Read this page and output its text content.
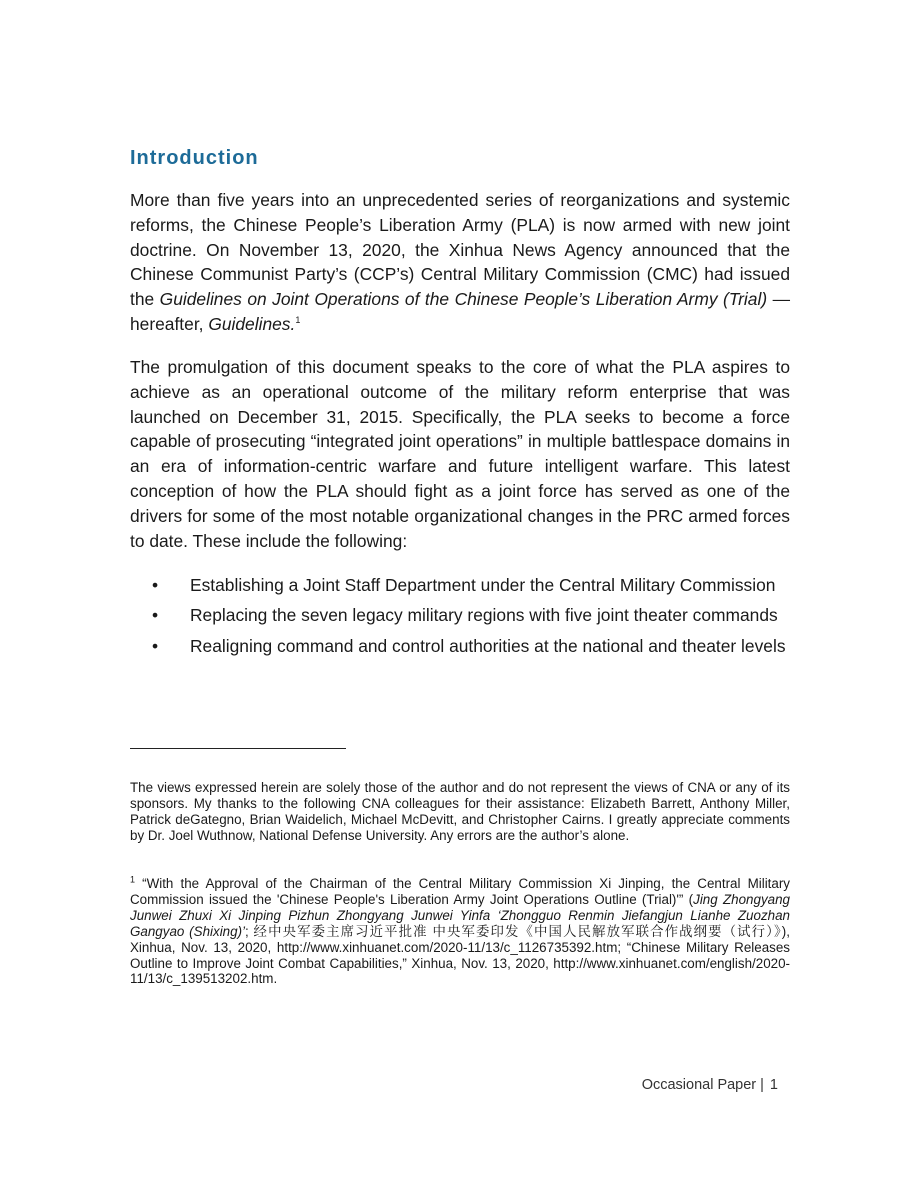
Introduction

More than five years into an unprecedented series of reorganizations and systemic reforms, the Chinese People’s Liberation Army (PLA) is now armed with new joint doctrine. On November 13, 2020, the Xinhua News Agency announced that the Chinese Communist Party’s (CCP’s) Central Military Commission (CMC) had issued the Guidelines on Joint Operations of the Chinese People’s Liberation Army (Trial) — hereafter, Guidelines.$^1$

The promulgation of this document speaks to the core of what the PLA aspires to achieve as an operational outcome of the military reform enterprise that was launched on December 31, 2015. Specifically, the PLA seeks to become a force capable of prosecuting “integrated joint operations” in multiple battlespace domains in an era of information-centric warfare and future intelligent warfare. This latest conception of how the PLA should fight as a joint force has served as one of the drivers for some of the most notable organizational changes in the PRC armed forces to date. These include the following:

• Establishing a Joint Staff Department under the Central Military Commission
• Replacing the seven legacy military regions with five joint theater commands
• Realigning command and control authorities at the national and theater levels

The views expressed herein are solely those of the author and do not represent the views of CNA or any of its sponsors. My thanks to the following CNA colleagues for their assistance: Elizabeth Barrett, Anthony Miller, Patrick deGategno, Brian Waidelich, Michael McDevitt, and Christopher Cairns. I greatly appreciate comments by Dr. Joel Wuthnow, National Defense University. Any errors are the author’s alone.

$^1$ “With the Approval of the Chairman of the Central Military Commission Xi Jinping, the Central Military Commission issued the 'Chinese People's Liberation Army Joint Operations Outline (Trial)'” (Jing Zhongyang Junwei Zhuxi Xi Jinping Pizhun Zhongyang Junwei Yinfa ‘Zhongguo Renmin Jiefangjun Lianhe Zuozhan Gangyao (Shixing)’; 经中央军委主席习近平批准 中央军委印发《中国人民解放军联合作战纲要（试行）》), Xinhua, Nov. 13, 2020, http://www.xinhuanet.com/2020-11/13/c_1126735392.htm; “Chinese Military Releases Outline to Improve Joint Combat Capabilities,” Xinhua, Nov. 13, 2020, http://www.xinhuanet.com/english/2020-11/13/c_139513202.htm.

Occasional Paper | 1
